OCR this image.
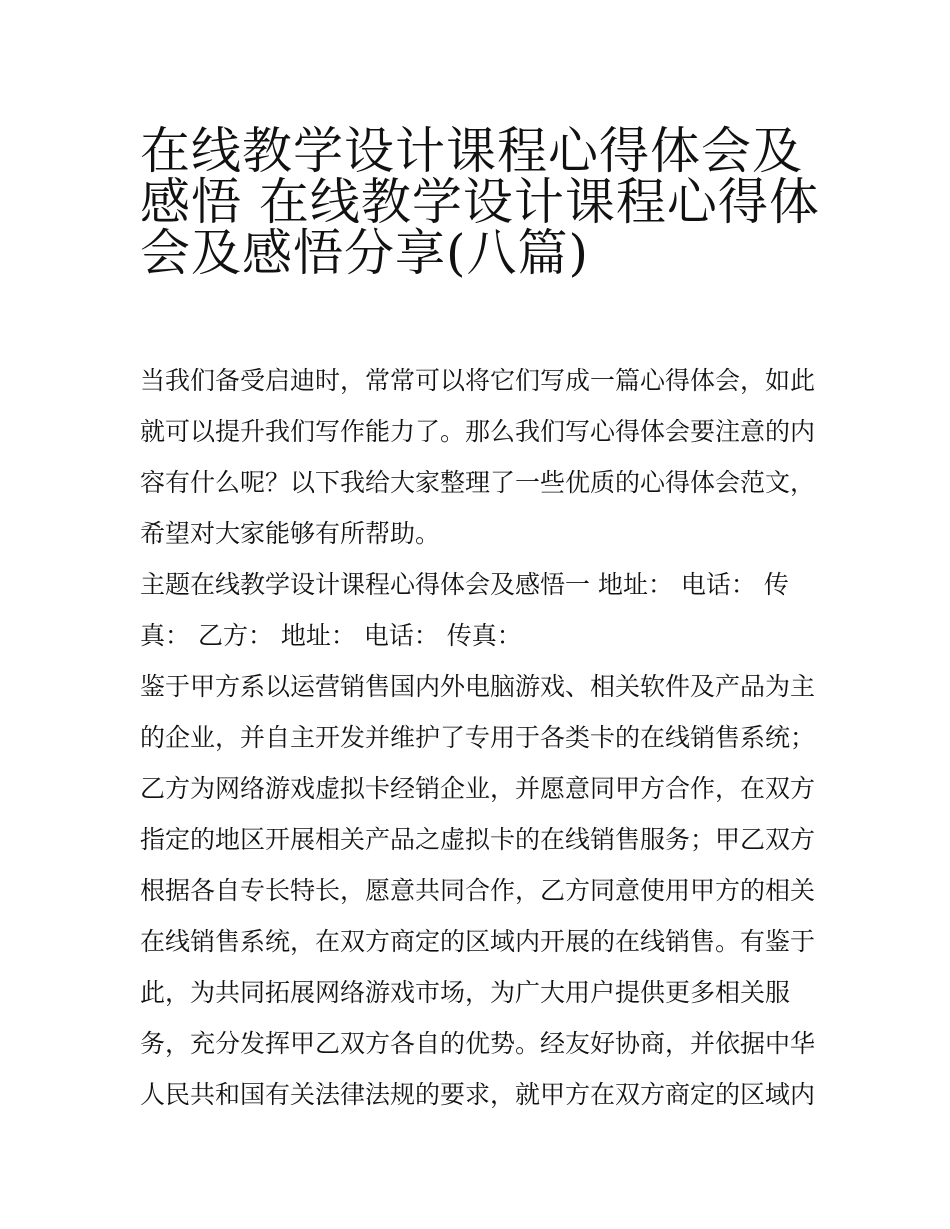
在线教学设计课程心得体会及
感悟 在线教学设计课程心得体
会及感悟分享(八篇)

当我们备受启迪时，常常可以将它们写成一篇心得体会，如此
就可以提升我们写作能力了。那么我们写心得体会要注意的内
容有什么呢？以下我给大家整理了一些优质的心得体会范文，
希望对大家能够有所帮助。

主题在线教学设计课程心得体会及感悟一 地址： 电话： 传
真： 乙方： 地址： 电话： 传真：

鉴于甲方系以运营销售国内外电脑游戏、相关软件及产品为主
的企业，并自主开发并维护了专用于各类卡的在线销售系统；
乙方为网络游戏虚拟卡经销企业，并愿意同甲方合作，在双方
指定的地区开展相关产品之虚拟卡的在线销售服务；甲乙双方
根据各自专长特长，愿意共同合作，乙方同意使用甲方的相关
在线销售系统，在双方商定的区域内开展的在线销售。有鉴于
此，为共同拓展网络游戏市场，为广大用户提供更多相关服
务，充分发挥甲乙双方各自的优势。经友好协商，并依据中华
人民共和国有关法律法规的要求，就甲方在双方商定的区域内
